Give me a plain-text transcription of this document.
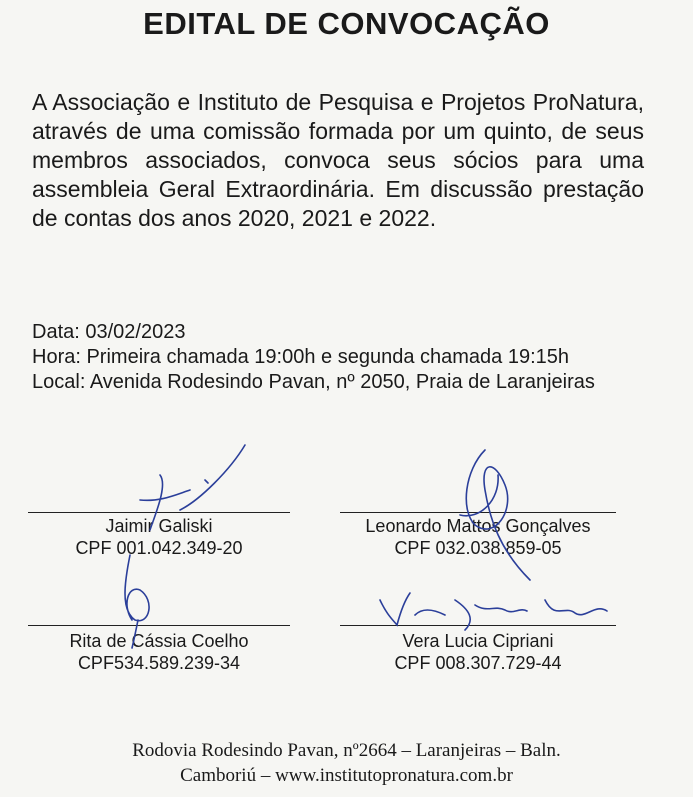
EDITAL DE CONVOCAÇÃO

A Associação e Instituto de Pesquisa e Projetos ProNatura, através de uma comissão formada por um quinto, de seus membros associados, convoca seus sócios para uma assembleia Geral Extraordinária. Em discussão prestação de contas dos anos 2020, 2021 e 2022.

Data: 03/02/2023
Hora: Primeira chamada 19:00h e segunda chamada 19:15h
Local: Avenida Rodesindo Pavan, nº 2050, Praia de Laranjeiras
Jaimir Galiski
CPF 001.042.349-20
Leonardo Mattos Gonçalves
CPF 032.038.859-05
Rita de Cássia Coelho
CPF534.589.239-34
Vera Lucia Cipriani
CPF 008.307.729-44
Rodovia Rodesindo Pavan, nº2664 – Laranjeiras – Baln.
Camboriú – www.institutopronatura.com.br
